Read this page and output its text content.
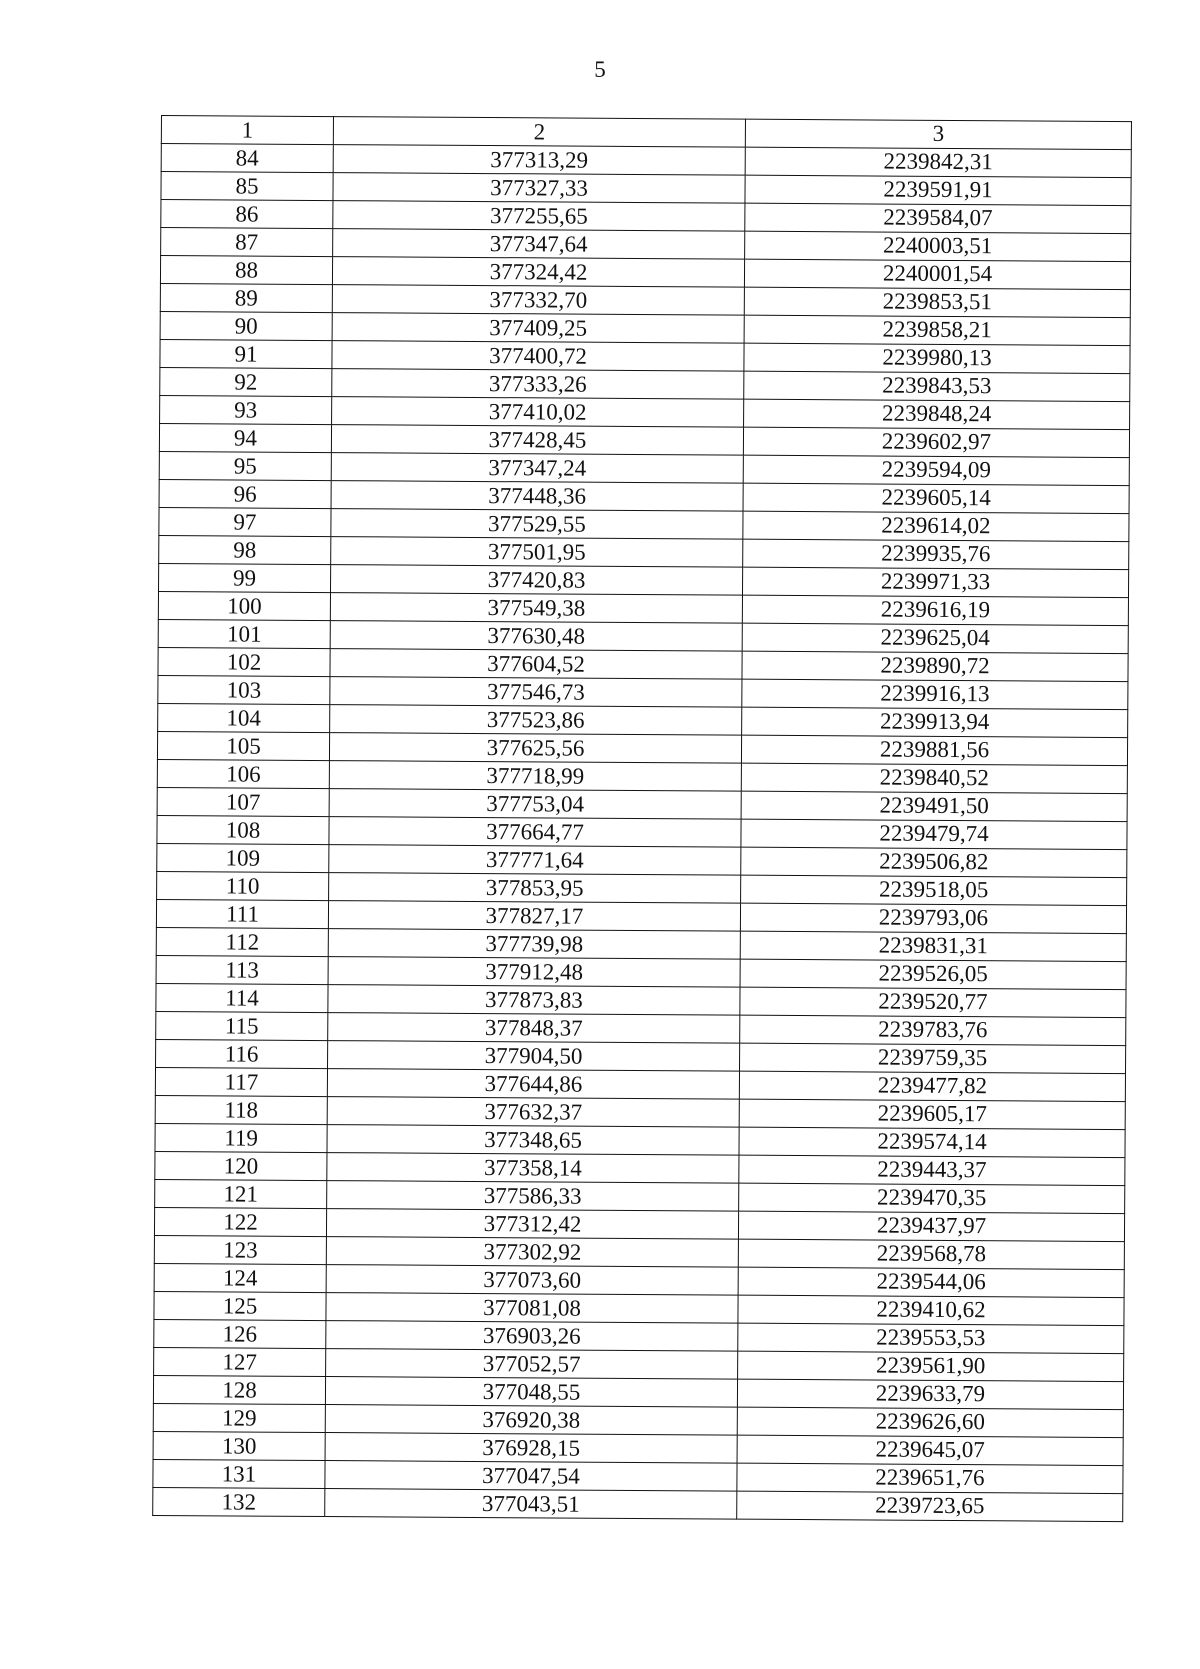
5
1	2	3
84	377313,29	2239842,31
85	377327,33	2239591,91
86	377255,65	2239584,07
87	377347,64	2240003,51
88	377324,42	2240001,54
89	377332,70	2239853,51
90	377409,25	2239858,21
91	377400,72	2239980,13
92	377333,26	2239843,53
93	377410,02	2239848,24
94	377428,45	2239602,97
95	377347,24	2239594,09
96	377448,36	2239605,14
97	377529,55	2239614,02
98	377501,95	2239935,76
99	377420,83	2239971,33
100	377549,38	2239616,19
101	377630,48	2239625,04
102	377604,52	2239890,72
103	377546,73	2239916,13
104	377523,86	2239913,94
105	377625,56	2239881,56
106	377718,99	2239840,52
107	377753,04	2239491,50
108	377664,77	2239479,74
109	377771,64	2239506,82
110	377853,95	2239518,05
111	377827,17	2239793,06
112	377739,98	2239831,31
113	377912,48	2239526,05
114	377873,83	2239520,77
115	377848,37	2239783,76
116	377904,50	2239759,35
117	377644,86	2239477,82
118	377632,37	2239605,17
119	377348,65	2239574,14
120	377358,14	2239443,37
121	377586,33	2239470,35
122	377312,42	2239437,97
123	377302,92	2239568,78
124	377073,60	2239544,06
125	377081,08	2239410,62
126	376903,26	2239553,53
127	377052,57	2239561,90
128	377048,55	2239633,79
129	376920,38	2239626,60
130	376928,15	2239645,07
131	377047,54	2239651,76
132	377043,51	2239723,65
